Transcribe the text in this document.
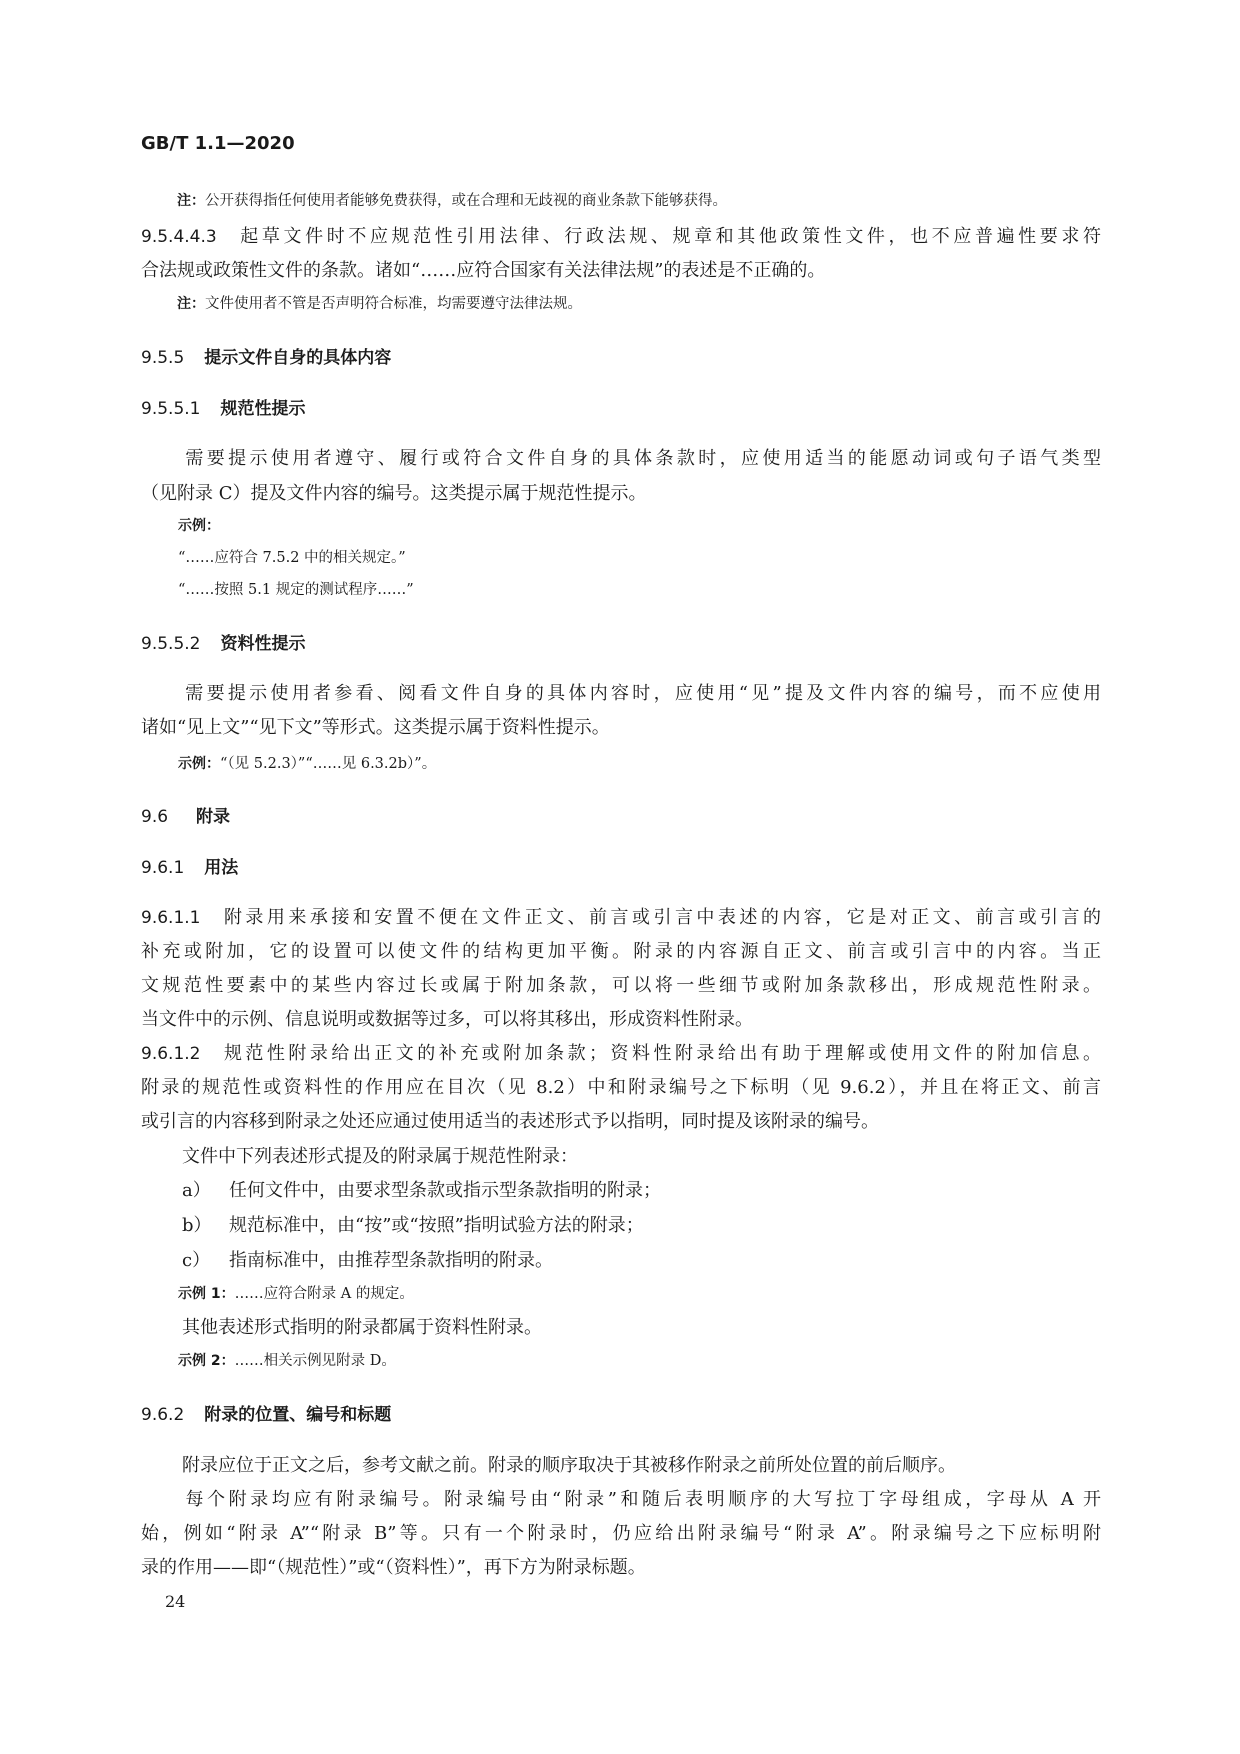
GB/T 1.1—2020
注：公开获得指任何使用者能够免费获得，或在合理和无歧视的商业条款下能够获得。
9.5.4.4.3 起草文件时不应规范性引用法律、行政法规、规章和其他政策性文件，也不应普遍性要求符
合法规或政策性文件的条款。诸如“……应符合国家有关法律法规”的表述是不正确的。
注：文件使用者不管是否声明符合标准，均需要遵守法律法规。
9.5.5 提示文件自身的具体内容
9.5.5.1 规范性提示
需要提示使用者遵守、履行或符合文件自身的具体条款时，应使用适当的能愿动词或句子语气类型
（见附录 C）提及文件内容的编号。这类提示属于规范性提示。
示例：
“……应符合 7.5.2 中的相关规定。”
“……按照 5.1 规定的测试程序……”
9.5.5.2 资料性提示
需要提示使用者参看、阅看文件自身的具体内容时，应使用“见”提及文件内容的编号，而不应使用
诸如“见上文”“见下文”等形式。这类提示属于资料性提示。
示例：“（见 5.2.3）”“……见 6.3.2b）”。
9.6 附录
9.6.1 用法
9.6.1.1 附录用来承接和安置不便在文件正文、前言或引言中表述的内容，它是对正文、前言或引言的
补充或附加，它的设置可以使文件的结构更加平衡。附录的内容源自正文、前言或引言中的内容。当正
文规范性要素中的某些内容过长或属于附加条款，可以将一些细节或附加条款移出，形成规范性附录。
当文件中的示例、信息说明或数据等过多，可以将其移出，形成资料性附录。
9.6.1.2 规范性附录给出正文的补充或附加条款；资料性附录给出有助于理解或使用文件的附加信息。
附录的规范性或资料性的作用应在目次（见 8.2）中和附录编号之下标明（见 9.6.2），并且在将正文、前言
或引言的内容移到附录之处还应通过使用适当的表述形式予以指明，同时提及该附录的编号。
文件中下列表述形式提及的附录属于规范性附录：
a） 任何文件中，由要求型条款或指示型条款指明的附录；
b） 规范标准中，由“按”或“按照”指明试验方法的附录；
c） 指南标准中，由推荐型条款指明的附录。
示例 1：……应符合附录 A 的规定。
其他表述形式指明的附录都属于资料性附录。
示例 2：……相关示例见附录 D。
9.6.2 附录的位置、编号和标题
附录应位于正文之后，参考文献之前。附录的顺序取决于其被移作附录之前所处位置的前后顺序。
每个附录均应有附录编号。附录编号由“附录”和随后表明顺序的大写拉丁字母组成，字母从 A 开
始，例如“附录 A”“附录 B”等。只有一个附录时，仍应给出附录编号“附录 A”。附录编号之下应标明附
录的作用——即“（规范性）”或“（资料性）”，再下方为附录标题。
24
